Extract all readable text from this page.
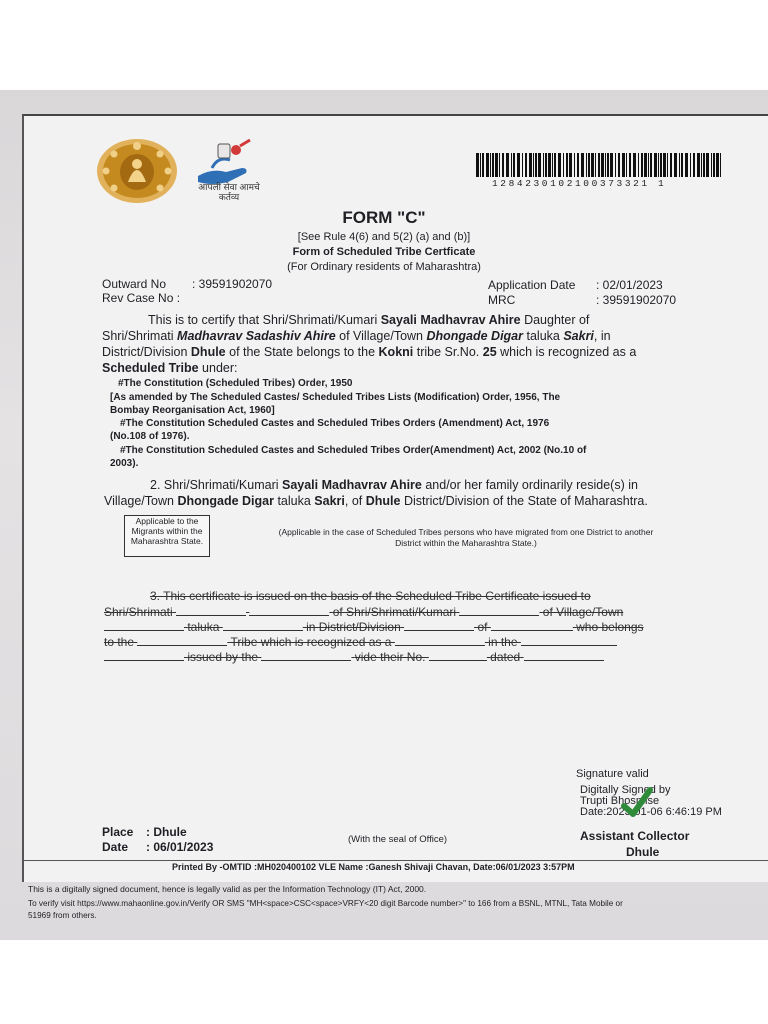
आपली सेवा आमचे कर्तव्य
1284230102100373321 1
FORM "C"
[See Rule 4(6) and 5(2) (a) and (b)]
Form of Scheduled Tribe Certficate
(For Ordinary residents of Maharashtra)
Outward No : 39591902070
Rev Case No :
Application Date : 02/01/2023
MRC	: 39591902070
This is to certify that Shri/Shrimati/Kumari Sayali Madhavrav Ahire Daughter of
Shri/Shrimati Madhavrav Sadashiv Ahire of Village/Town Dhongade Digar taluka Sakri, in
District/Division Dhule of the State belongs to the Kokni tribe Sr.No. 25 which is recognized as a
Scheduled Tribe under:
#The Constitution (Scheduled Tribes) Order, 1950
[As amended by The Scheduled Castes/ Scheduled Tribes Lists (Modification) Order, 1956, The
Bombay Reorganisation Act, 1960]
#The Constitution Scheduled Castes and Scheduled Tribes Orders (Amendment) Act, 1976
(No.108 of 1976).
#The Constitution Scheduled Castes and Scheduled Tribes Order(Amendment) Act, 2002 (No.10 of
2003).
2. Shri/Shrimati/Kumari Sayali Madhavrav Ahire and/or her family ordinarily reside(s) in
Village/Town Dhongade Digar taluka Sakri, of Dhule District/Division of the State of Maharashtra.
Applicable to the Migrants within the Maharashtra State.
(Applicable in the case of Scheduled Tribes persons who have migrated from one District to another
District within the Maharashtra State.)
3. This certificate is issued on the basis of the Scheduled Tribe Certificate issued to
Shri/Shrimati	of Shri/Shrimati/Kumari	of Village/Town
taluka	in District/Division	of	who belongs
to the	Tribe which is recognized as a	in the
issued by the	vide their No.	dated
Signature valid
Digitally Signed by
Trupti Bhosmise
Date:2023-01-06 6:46:19 PM
Assistant Collector
Dhule
Place : Dhule
Date : 06/01/2023
(With the seal of Office)
Printed By -OMTID :MH020400102 VLE Name :Ganesh Shivaji Chavan, Date:06/01/2023 3:57PM
This is a digitally signed document, hence is legally valid as per the Information Technology (IT) Act, 2000.
To verify visit https://www.mahaonline.gov.in/Verify OR SMS "MH<space>CSC<space>VRFY<20 digit Barcode number>" to 166 from a BSNL, MTNL, Tata Mobile or
51969 from others.
